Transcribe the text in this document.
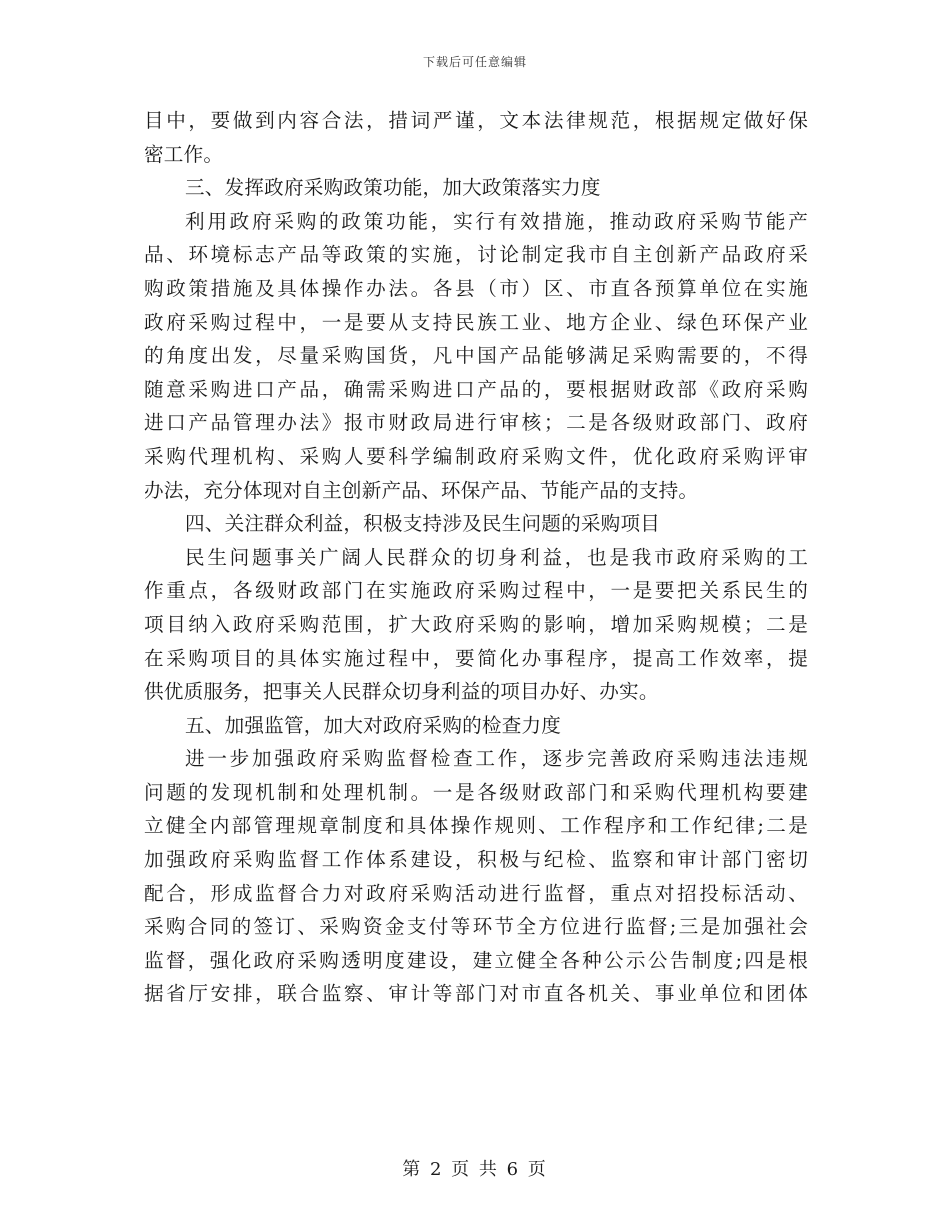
下载后可任意编辑
目中，要做到内容合法，措词严谨，文本法律规范，根据规定做好保
密工作。
三、发挥政府采购政策功能，加大政策落实力度
利用政府采购的政策功能，实行有效措施，推动政府采购节能产
品、环境标志产品等政策的实施，讨论制定我市自主创新产品政府采
购政策措施及具体操作办法。各县（市）区、市直各预算单位在实施
政府采购过程中，一是要从支持民族工业、地方企业、绿色环保产业
的角度出发，尽量采购国货，凡中国产品能够满足采购需要的，不得
随意采购进口产品，确需采购进口产品的，要根据财政部《政府采购
进口产品管理办法》报市财政局进行审核；二是各级财政部门、政府
采购代理机构、采购人要科学编制政府采购文件，优化政府采购评审
办法，充分体现对自主创新产品、环保产品、节能产品的支持。
四、关注群众利益，积极支持涉及民生问题的采购项目
民生问题事关广阔人民群众的切身利益，也是我市政府采购的工
作重点，各级财政部门在实施政府采购过程中，一是要把关系民生的
项目纳入政府采购范围，扩大政府采购的影响，增加采购规模；二是
在采购项目的具体实施过程中，要简化办事程序，提高工作效率，提
供优质服务，把事关人民群众切身利益的项目办好、办实。
五、加强监管，加大对政府采购的检查力度
进一步加强政府采购监督检查工作，逐步完善政府采购违法违规
问题的发现机制和处理机制。一是各级财政部门和采购代理机构要建
立健全内部管理规章制度和具体操作规则、工作程序和工作纪律;二是
加强政府采购监督工作体系建设，积极与纪检、监察和审计部门密切
配合，形成监督合力对政府采购活动进行监督，重点对招投标活动、
采购合同的签订、采购资金支付等环节全方位进行监督;三是加强社会
监督，强化政府采购透明度建设，建立健全各种公示公告制度;四是根
据省厅安排，联合监察、审计等部门对市直各机关、事业单位和团体
第 2 页 共 6 页
